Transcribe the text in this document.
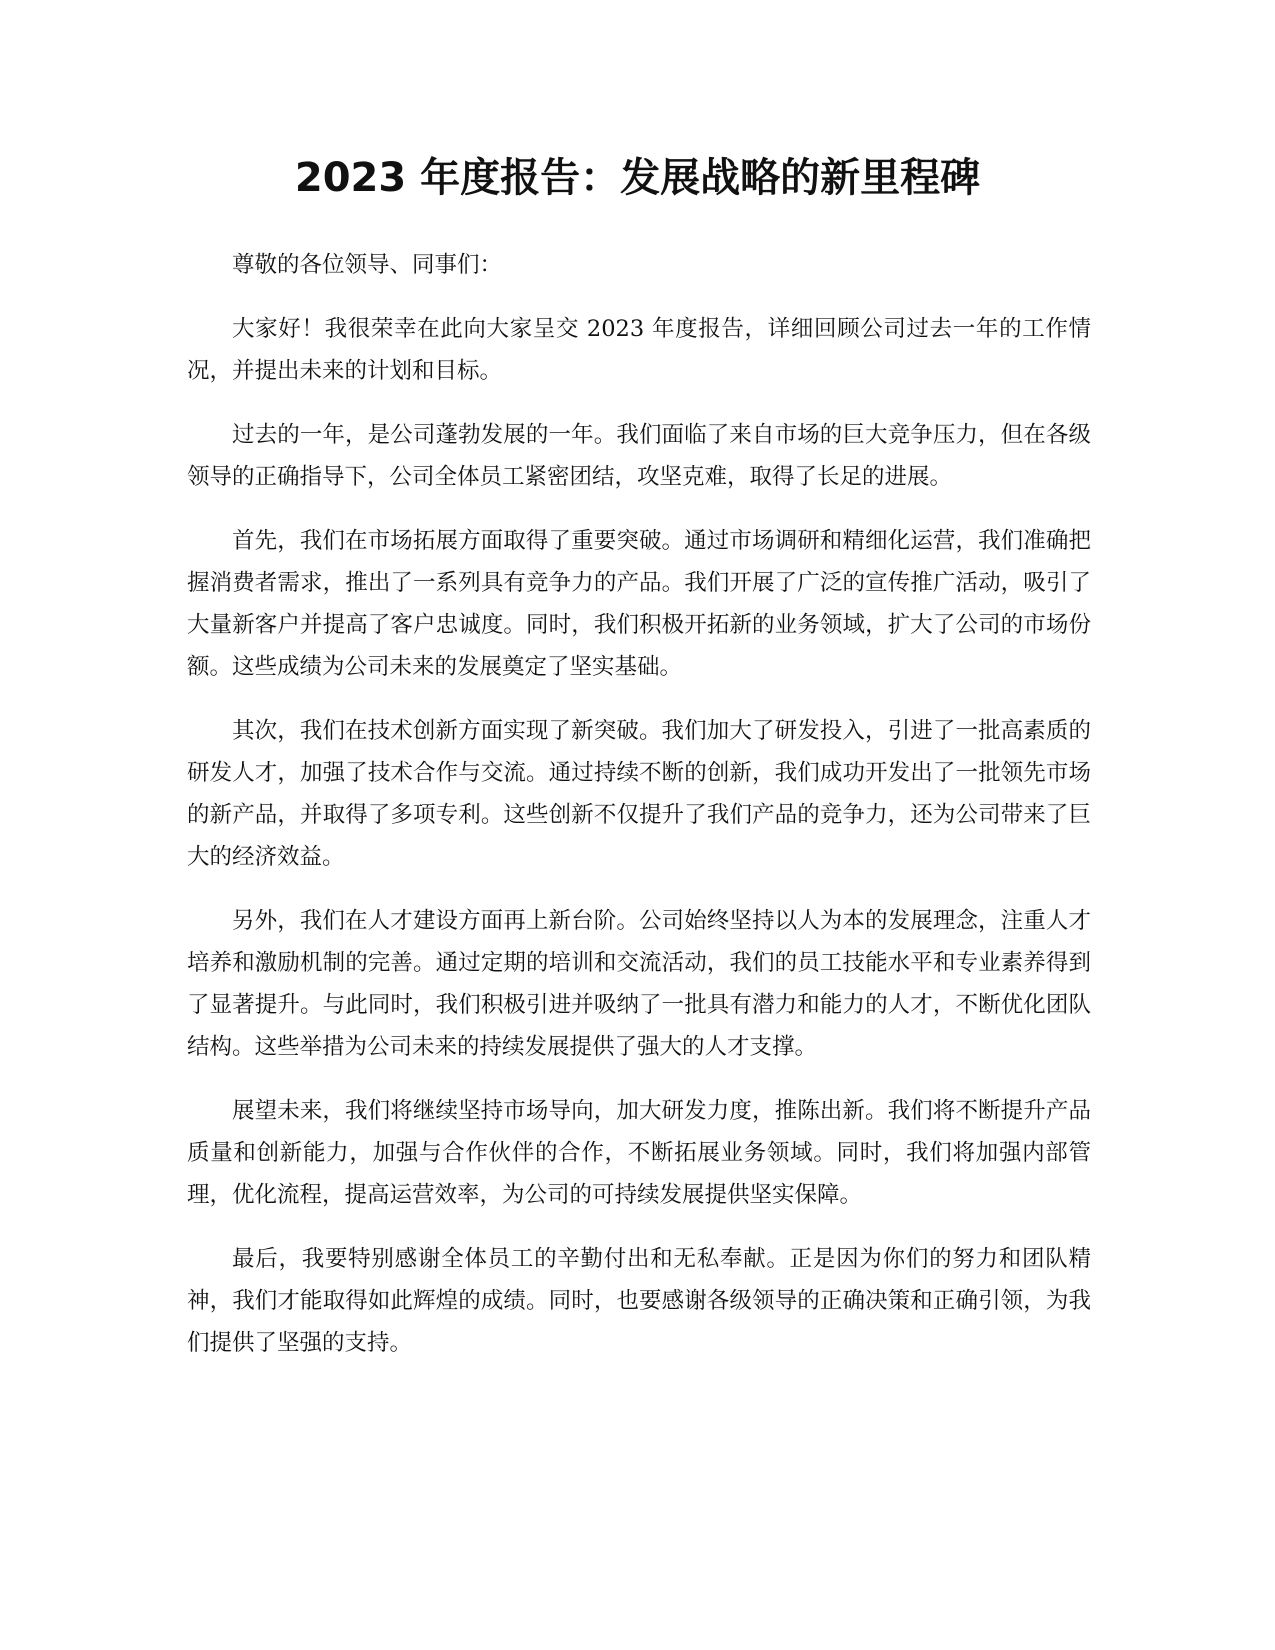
2023 年度报告：发展战略的新里程碑

尊敬的各位领导、同事们：

大家好！我很荣幸在此向大家呈交 2023 年度报告，详细回顾公司过去一年的工作情况，并提出未来的计划和目标。

过去的一年，是公司蓬勃发展的一年。我们面临了来自市场的巨大竞争压力，但在各级领导的正确指导下，公司全体员工紧密团结，攻坚克难，取得了长足的进展。

首先，我们在市场拓展方面取得了重要突破。通过市场调研和精细化运营，我们准确把握消费者需求，推出了一系列具有竞争力的产品。我们开展了广泛的宣传推广活动，吸引了大量新客户并提高了客户忠诚度。同时，我们积极开拓新的业务领域，扩大了公司的市场份额。这些成绩为公司未来的发展奠定了坚实基础。

其次，我们在技术创新方面实现了新突破。我们加大了研发投入，引进了一批高素质的研发人才，加强了技术合作与交流。通过持续不断的创新，我们成功开发出了一批领先市场的新产品，并取得了多项专利。这些创新不仅提升了我们产品的竞争力，还为公司带来了巨大的经济效益。

另外，我们在人才建设方面再上新台阶。公司始终坚持以人为本的发展理念，注重人才培养和激励机制的完善。通过定期的培训和交流活动，我们的员工技能水平和专业素养得到了显著提升。与此同时，我们积极引进并吸纳了一批具有潜力和能力的人才，不断优化团队结构。这些举措为公司未来的持续发展提供了强大的人才支撑。

展望未来，我们将继续坚持市场导向，加大研发力度，推陈出新。我们将不断提升产品质量和创新能力，加强与合作伙伴的合作，不断拓展业务领域。同时，我们将加强内部管理，优化流程，提高运营效率，为公司的可持续发展提供坚实保障。

最后，我要特别感谢全体员工的辛勤付出和无私奉献。正是因为你们的努力和团队精神，我们才能取得如此辉煌的成绩。同时，也要感谢各级领导的正确决策和正确引领，为我们提供了坚强的支持。
